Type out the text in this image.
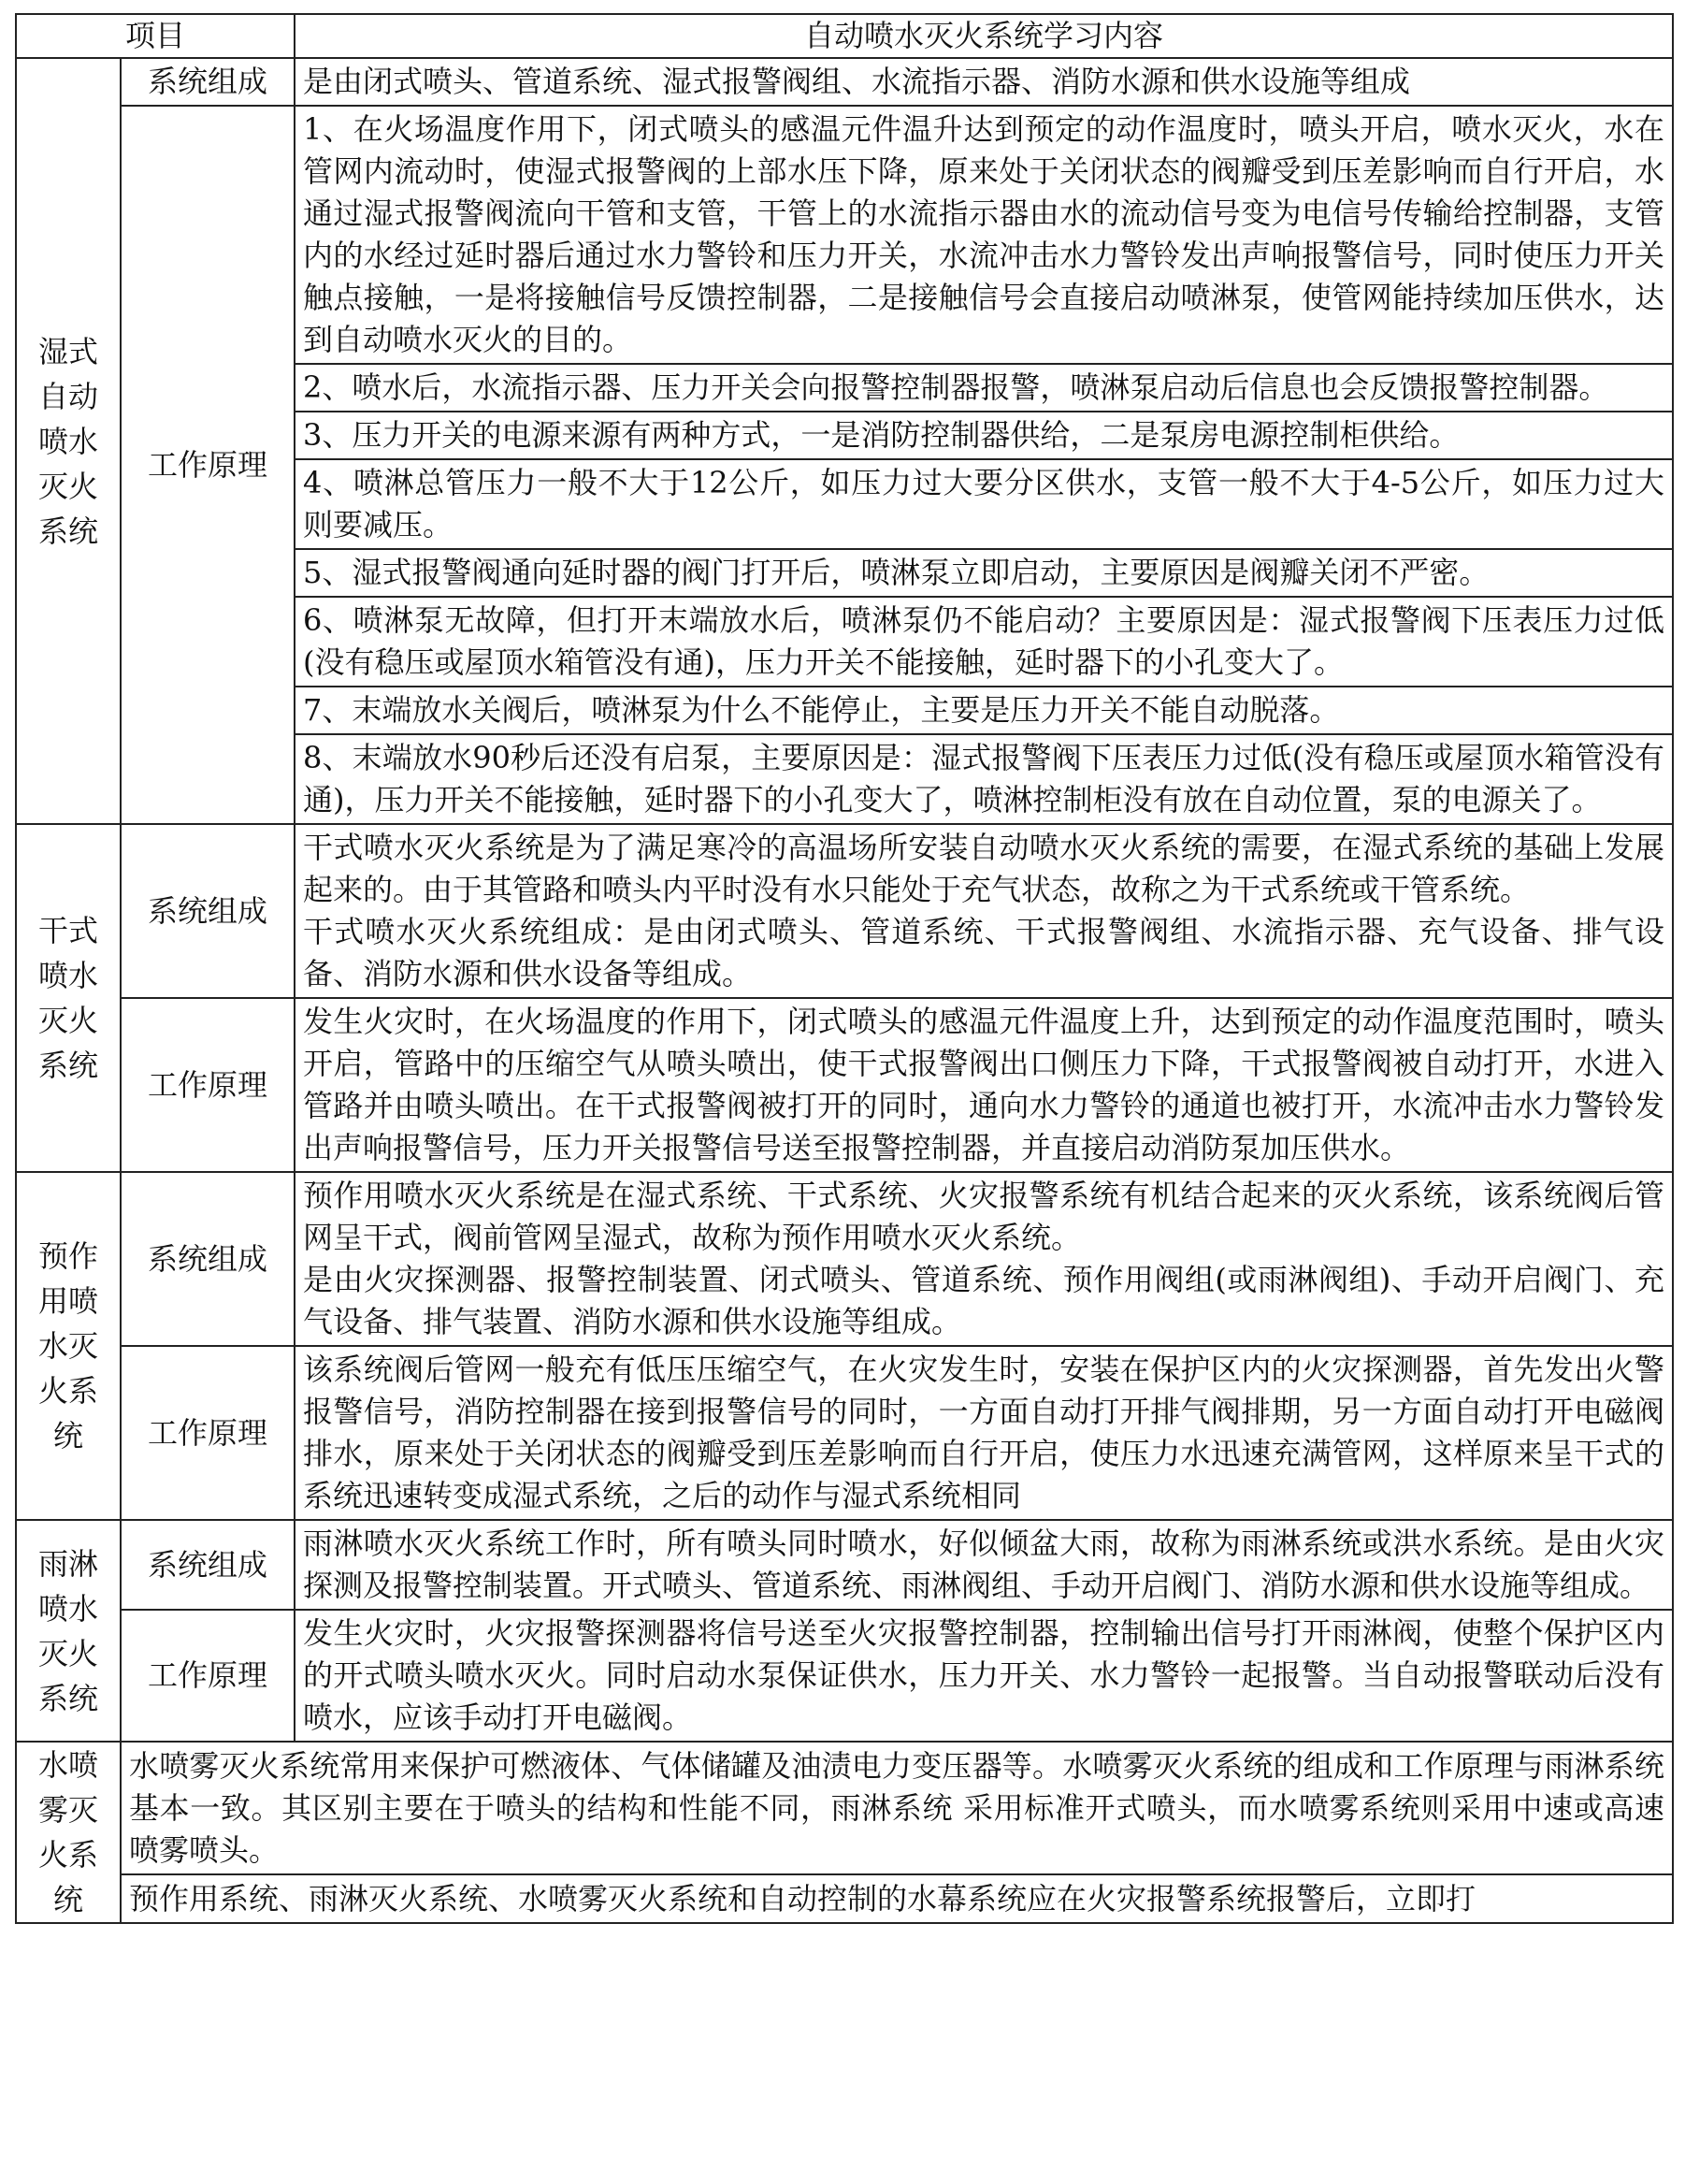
项目		自动喷水灭火系统学习内容
湿式自动喷水灭火系统	系统组成	是由闭式喷头、管道系统、湿式报警阀组、水流指示器、消防水源和供水设施等组成
	工作原理	1、在火场温度作用下，闭式喷头的感温元件温升达到预定的动作温度时，喷头开启，喷水灭火，水在管网内流动时，使湿式报警阀的上部水压下降，原来处于关闭状态的阀瓣受到压差影响而自行开启，水通过湿式报警阀流向干管和支管，干管上的水流指示器由水的流动信号变为电信号传输给控制器，支管内的水经过延时器后通过水力警铃和压力开关，水流冲击水力警铃发出声响报警信号，同时使压力开关触点接触，一是将接触信号反馈控制器，二是接触信号会直接启动喷淋泵，使管网能持续加压供水，达到自动喷水灭火的目的。
		2、喷水后，水流指示器、压力开关会向报警控制器报警，喷淋泵启动后信息也会反馈报警控制器。
		3、压力开关的电源来源有两种方式，一是消防控制器供给，二是泵房电源控制柜供给。
		4、喷淋总管压力一般不大于12公斤，如压力过大要分区供水，支管一般不大于4-5公斤，如压力过大则要减压。
		5、湿式报警阀通向延时器的阀门打开后，喷淋泵立即启动，主要原因是阀瓣关闭不严密。
		6、喷淋泵无故障，但打开末端放水后，喷淋泵仍不能启动？主要原因是：湿式报警阀下压表压力过低(没有稳压或屋顶水箱管没有通)，压力开关不能接触，延时器下的小孔变大了。
		7、末端放水关阀后，喷淋泵为什么不能停止，主要是压力开关不能自动脱落。
		8、末端放水90秒后还没有启泵，主要原因是：湿式报警阀下压表压力过低(没有稳压或屋顶水箱管没有通)，压力开关不能接触，延时器下的小孔变大了，喷淋控制柜没有放在自动位置，泵的电源关了。
干式喷水灭火系统	系统组成	干式喷水灭火系统是为了满足寒冷的高温场所安装自动喷水灭火系统的需要，在湿式系统的基础上发展起来的。由于其管路和喷头内平时没有水只能处于充气状态，故称之为干式系统或干管系统。
干式喷水灭火系统组成：是由闭式喷头、管道系统、干式报警阀组、水流指示器、充气设备、排气设备、消防水源和供水设备等组成。

	工作原理	发生火灾时，在火场温度的作用下，闭式喷头的感温元件温度上升，达到预定的动作温度范围时，喷头开启，管路中的压缩空气从喷头喷出，使干式报警阀出口侧压力下降，干式报警阀被自动打开，水进入管路并由喷头喷出。在干式报警阀被打开的同时，通向水力警铃的通道也被打开，水流冲击水力警铃发出声响报警信号，压力开关报警信号送至报警控制器，并直接启动消防泵加压供水。
预作用喷水灭火系统	系统组成	预作用喷水灭火系统是在湿式系统、干式系统、火灾报警系统有机结合起来的灭火系统，该系统阀后管网呈干式，阀前管网呈湿式，故称为预作用喷水灭火系统。
是由火灾探测器、报警控制装置、闭式喷头、管道系统、预作用阀组(或雨淋阀组)、手动开启阀门、充气设备、排气装置、消防水源和供水设施等组成。

	工作原理	该系统阀后管网一般充有低压压缩空气，在火灾发生时，安装在保护区内的火灾探测器，首先发出火警报警信号，消防控制器在接到报警信号的同时，一方面自动打开排气阀排期，另一方面自动打开电磁阀排水，原来处于关闭状态的阀瓣受到压差影响而自行开启，使压力水迅速充满管网，这样原来呈干式的系统迅速转变成湿式系统，之后的动作与湿式系统相同
雨淋喷水灭火系统	系统组成	雨淋喷水灭火系统工作时，所有喷头同时喷水，好似倾盆大雨，故称为雨淋系统或洪水系统。是由火灾探测及报警控制装置。开式喷头、管道系统、雨淋阀组、手动开启阀门、消防水源和供水设施等组成。
	工作原理	发生火灾时，火灾报警探测器将信号送至火灾报警控制器，控制输出信号打开雨淋阀，使整个保护区内的开式喷头喷水灭火。同时启动水泵保证供水，压力开关、水力警铃一起报警。当自动报警联动后没有喷水，应该手动打开电磁阀。
水喷雾灭火系统	水喷雾灭火系统常用来保护可燃液体、气体储罐及油渍电力变压器等。水喷雾灭火系统的组成和工作原理与雨淋系统基本一致。其区别主要在于喷头的结构和性能不同，雨淋系统 采用标准开式喷头，而水喷雾系统则采用中速或高速喷雾喷头。	
	预作用系统、雨淋灭火系统、水喷雾灭火系统和自动控制的水幕系统应在火灾报警系统报警后，立即打	
